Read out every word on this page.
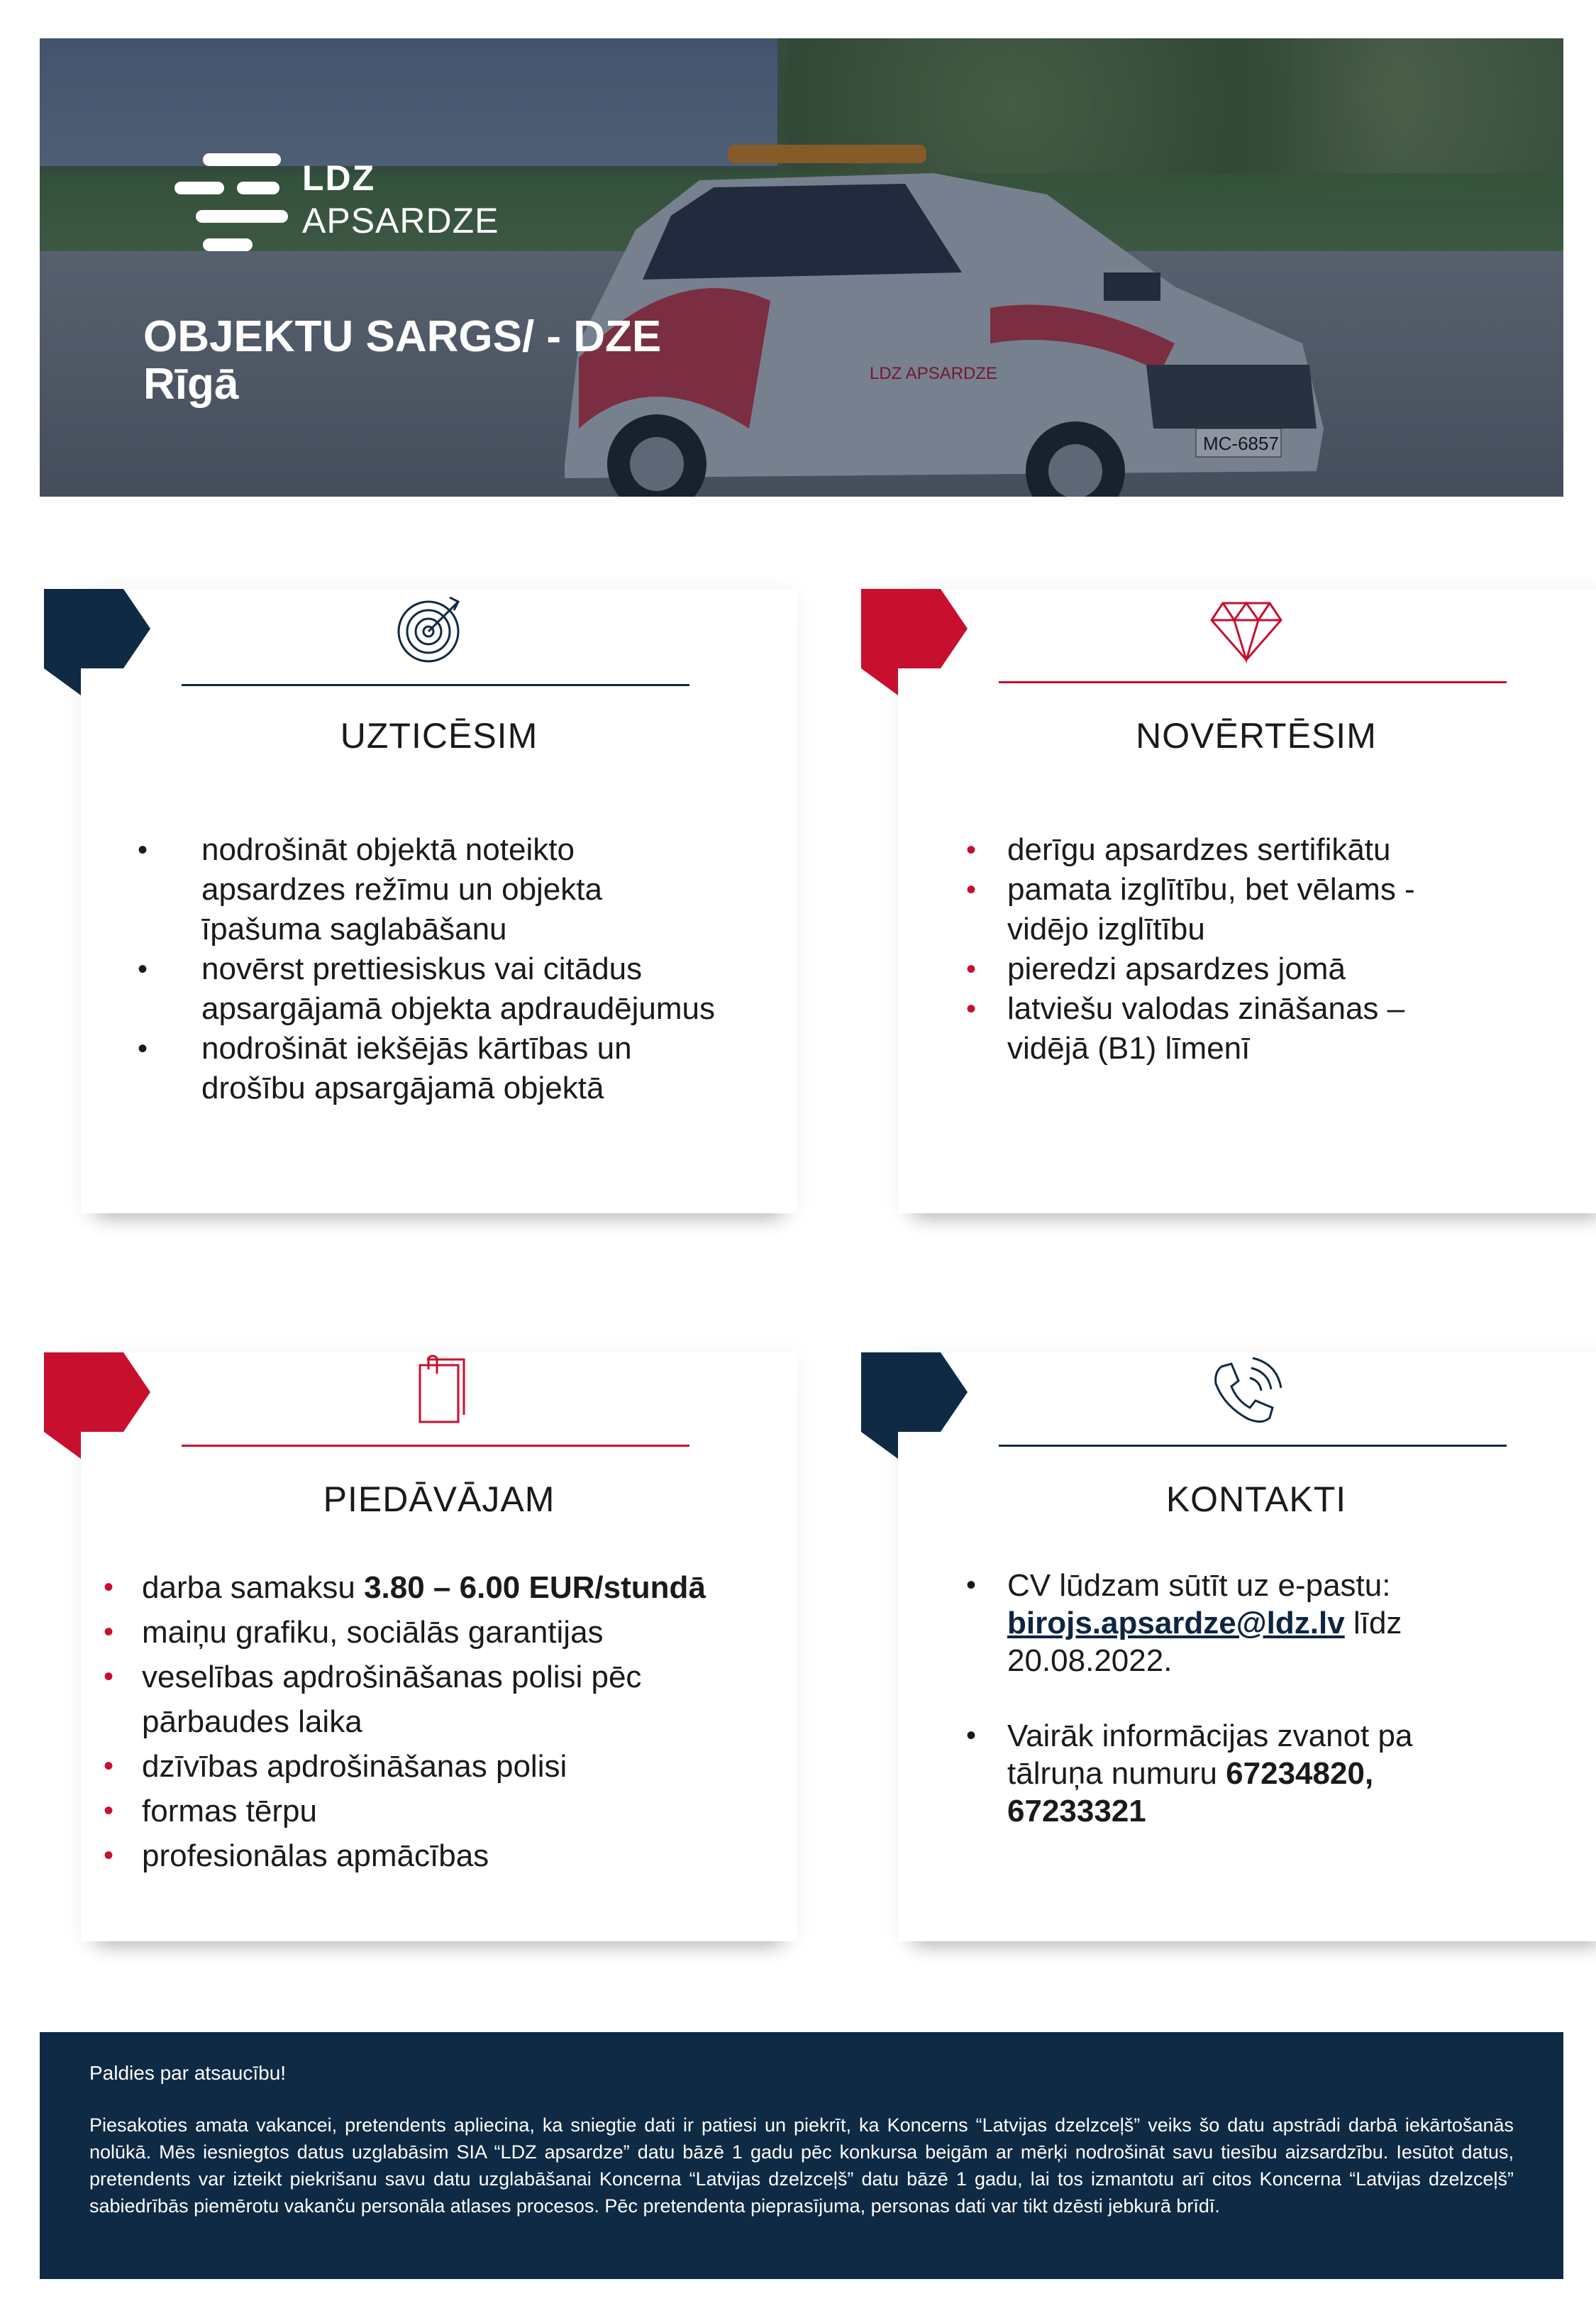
MC-6857
LDZ APSARDZE
LDZ
APSARDZE
OBJEKTU SARGS/ - DZE
Rīgā
UZTICĒSIM
• nodrošināt objektā noteikto
apsardzes režīmu un objekta
īpašuma saglabāšanu
• novērst prettiesiskus vai citādus
apsargājamā objekta apdraudējumus
• nodrošināt iekšējās kārtības un
drošību apsargājamā objektā
NOVĒRTĒSIM
• derīgu apsardzes sertifikātu
• pamata izglītību, bet vēlams -
vidējo izglītību
• pieredzi apsardzes jomā
• latviešu valodas zināšanas –
vidējā (B1) līmenī
PIEDĀVĀJAM
• darba samaksu 3.80 – 6.00 EUR/stundā
• maiņu grafiku, sociālās garantijas
• veselības apdrošināšanas polisi pēc
pārbaudes laika
• dzīvības apdrošināšanas polisi
• formas tērpu
• profesionālas apmācības
KONTAKTI
• CV lūdzam sūtīt uz e-pastu:
birojs.apsardze@ldz.lv līdz
20.08.2022.
• Vairāk informācijas zvanot pa
tālruņa numuru 67234820,
67233321
Paldies par atsaucību!
Piesakoties amata vakancei, pretendents apliecina, ka sniegtie dati ir patiesi un piekrīt, ka Koncerns “Latvijas dzelzceļš” veiks šo datu apstrādi darbā iekārtošanās nolūkā. Mēs iesniegtos datus uzglabāsim SIA “LDZ apsardze” datu bāzē 1 gadu pēc konkursa beigām ar mērķi nodrošināt savu tiesību aizsardzību. Iesūtot datus, pretendents var izteikt piekrišanu savu datu uzglabāšanai Koncerna “Latvijas dzelzceļš” datu bāzē 1 gadu, lai tos izmantotu arī citos Koncerna “Latvijas dzelzceļš” sabiedrībās piemērotu vakanču personāla atlases procesos. Pēc pretendenta pieprasījuma, personas dati var tikt dzēsti jebkurā brīdī.
